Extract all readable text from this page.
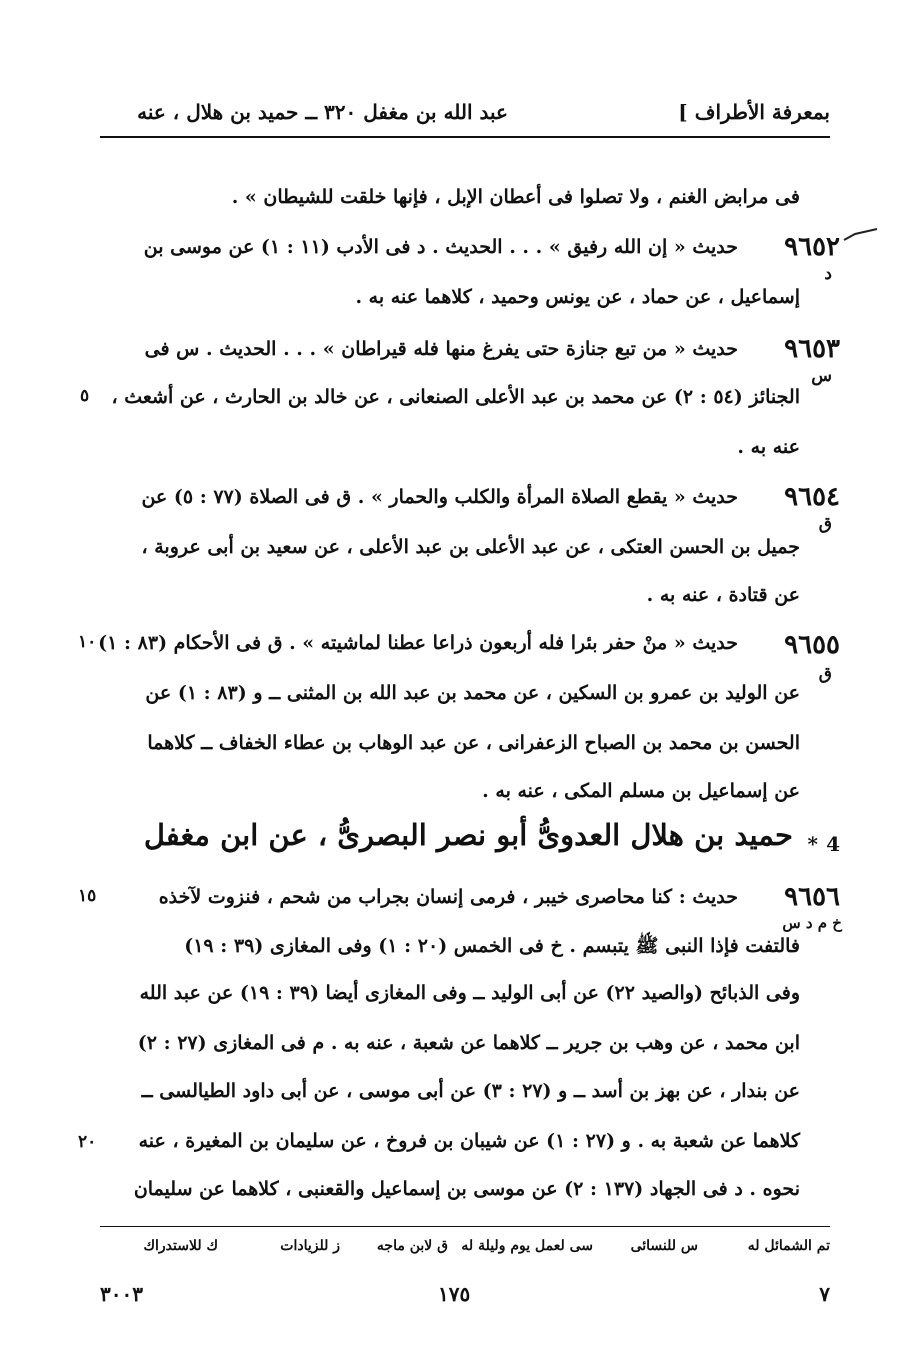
بمعرفة الأطراف ]
عبد الله بن مغفل ٣٢٠ ــ حميد بن هلال ، عنه
فى مرابض الغنم ، ولا تصلوا فى أعطان الإبل ، فإنها خلقت للشيطان » .
٩٦٥٢
د
حديث « إن الله رفيق » . . . الحديث . د فى الأدب (١١ : ١) عن موسى بن
إسماعيل ، عن حماد ، عن يونس وحميد ، كلاهما عنه به .
٩٦٥٣
س
حديث « من تبع جنازة حتى يفرغ منها فله قيراطان » . . . الحديث . س فى
الجنائز (٥٤ : ٢) عن محمد بن عبد الأعلى الصنعانى ، عن خالد بن الحارث ، عن أشعث ،
عنه به .
٥
٩٦٥٤
ق
حديث « يقطع الصلاة المرأة والكلب والحمار » . ق فى الصلاة (٧٧ : ٥) عن
جميل بن الحسن العتكى ، عن عبد الأعلى بن عبد الأعلى ، عن سعيد بن أبى عروبة ،
عن قتادة ، عنه به .
٩٦٥٥
ق
حديث « منْ حفر بئرا فله أربعون ذراعا عطنا لماشيته » . ق فى الأحكام (٨٣ : ١)
عن الوليد بن عمرو بن السكين ، عن محمد بن عبد الله بن المثنى ــ و (٨٣ : ١) عن
الحسن بن محمد بن الصباح الزعفرانى ، عن عبد الوهاب بن عطاء الخفاف ــ كلاهما
عن إسماعيل بن مسلم المكى ، عنه به .
١٠
4
*
حميد بن هلال العدوىُّ أبو نصر البصرىُّ ، عن ابن مغفل
٩٦٥٦
خ م د س
حديث : كنا محاصرى خيبر ، فرمى إنسان بجراب من شحم ، فنزوت لآخذه
فالتفت فإذا النبى ﷺ يتبسم . خ فى الخمس (٢٠ : ١) وفى المغازى (٣٩ : ١٩)
وفى الذبائح (والصيد ٢٢) عن أبى الوليد ــ وفى المغازى أيضا (٣٩ : ١٩) عن عبد الله
ابن محمد ، عن وهب بن جرير ــ كلاهما عن شعبة ، عنه به . م فى المغازى (٢٧ : ٢)
عن بندار ، عن بهز بن أسد ــ و (٢٧ : ٣) عن أبى موسى ، عن أبى داود الطيالسى ــ
كلاهما عن شعبة به . و (٢٧ : ١) عن شيبان بن فروخ ، عن سليمان بن المغيرة ، عنه
نحوه . د فى الجهاد (١٣٧ : ٢) عن موسى بن إسماعيل والقعنبى ، كلاهما عن سليمان
١٥
٢٠
تم الشمائل له
س للنسائى
سى لعمل يوم وليلة له
ق لابن ماجه
ز للزيادات
ك للاستدراك
٧
١٧٥
٣٠٠٣
